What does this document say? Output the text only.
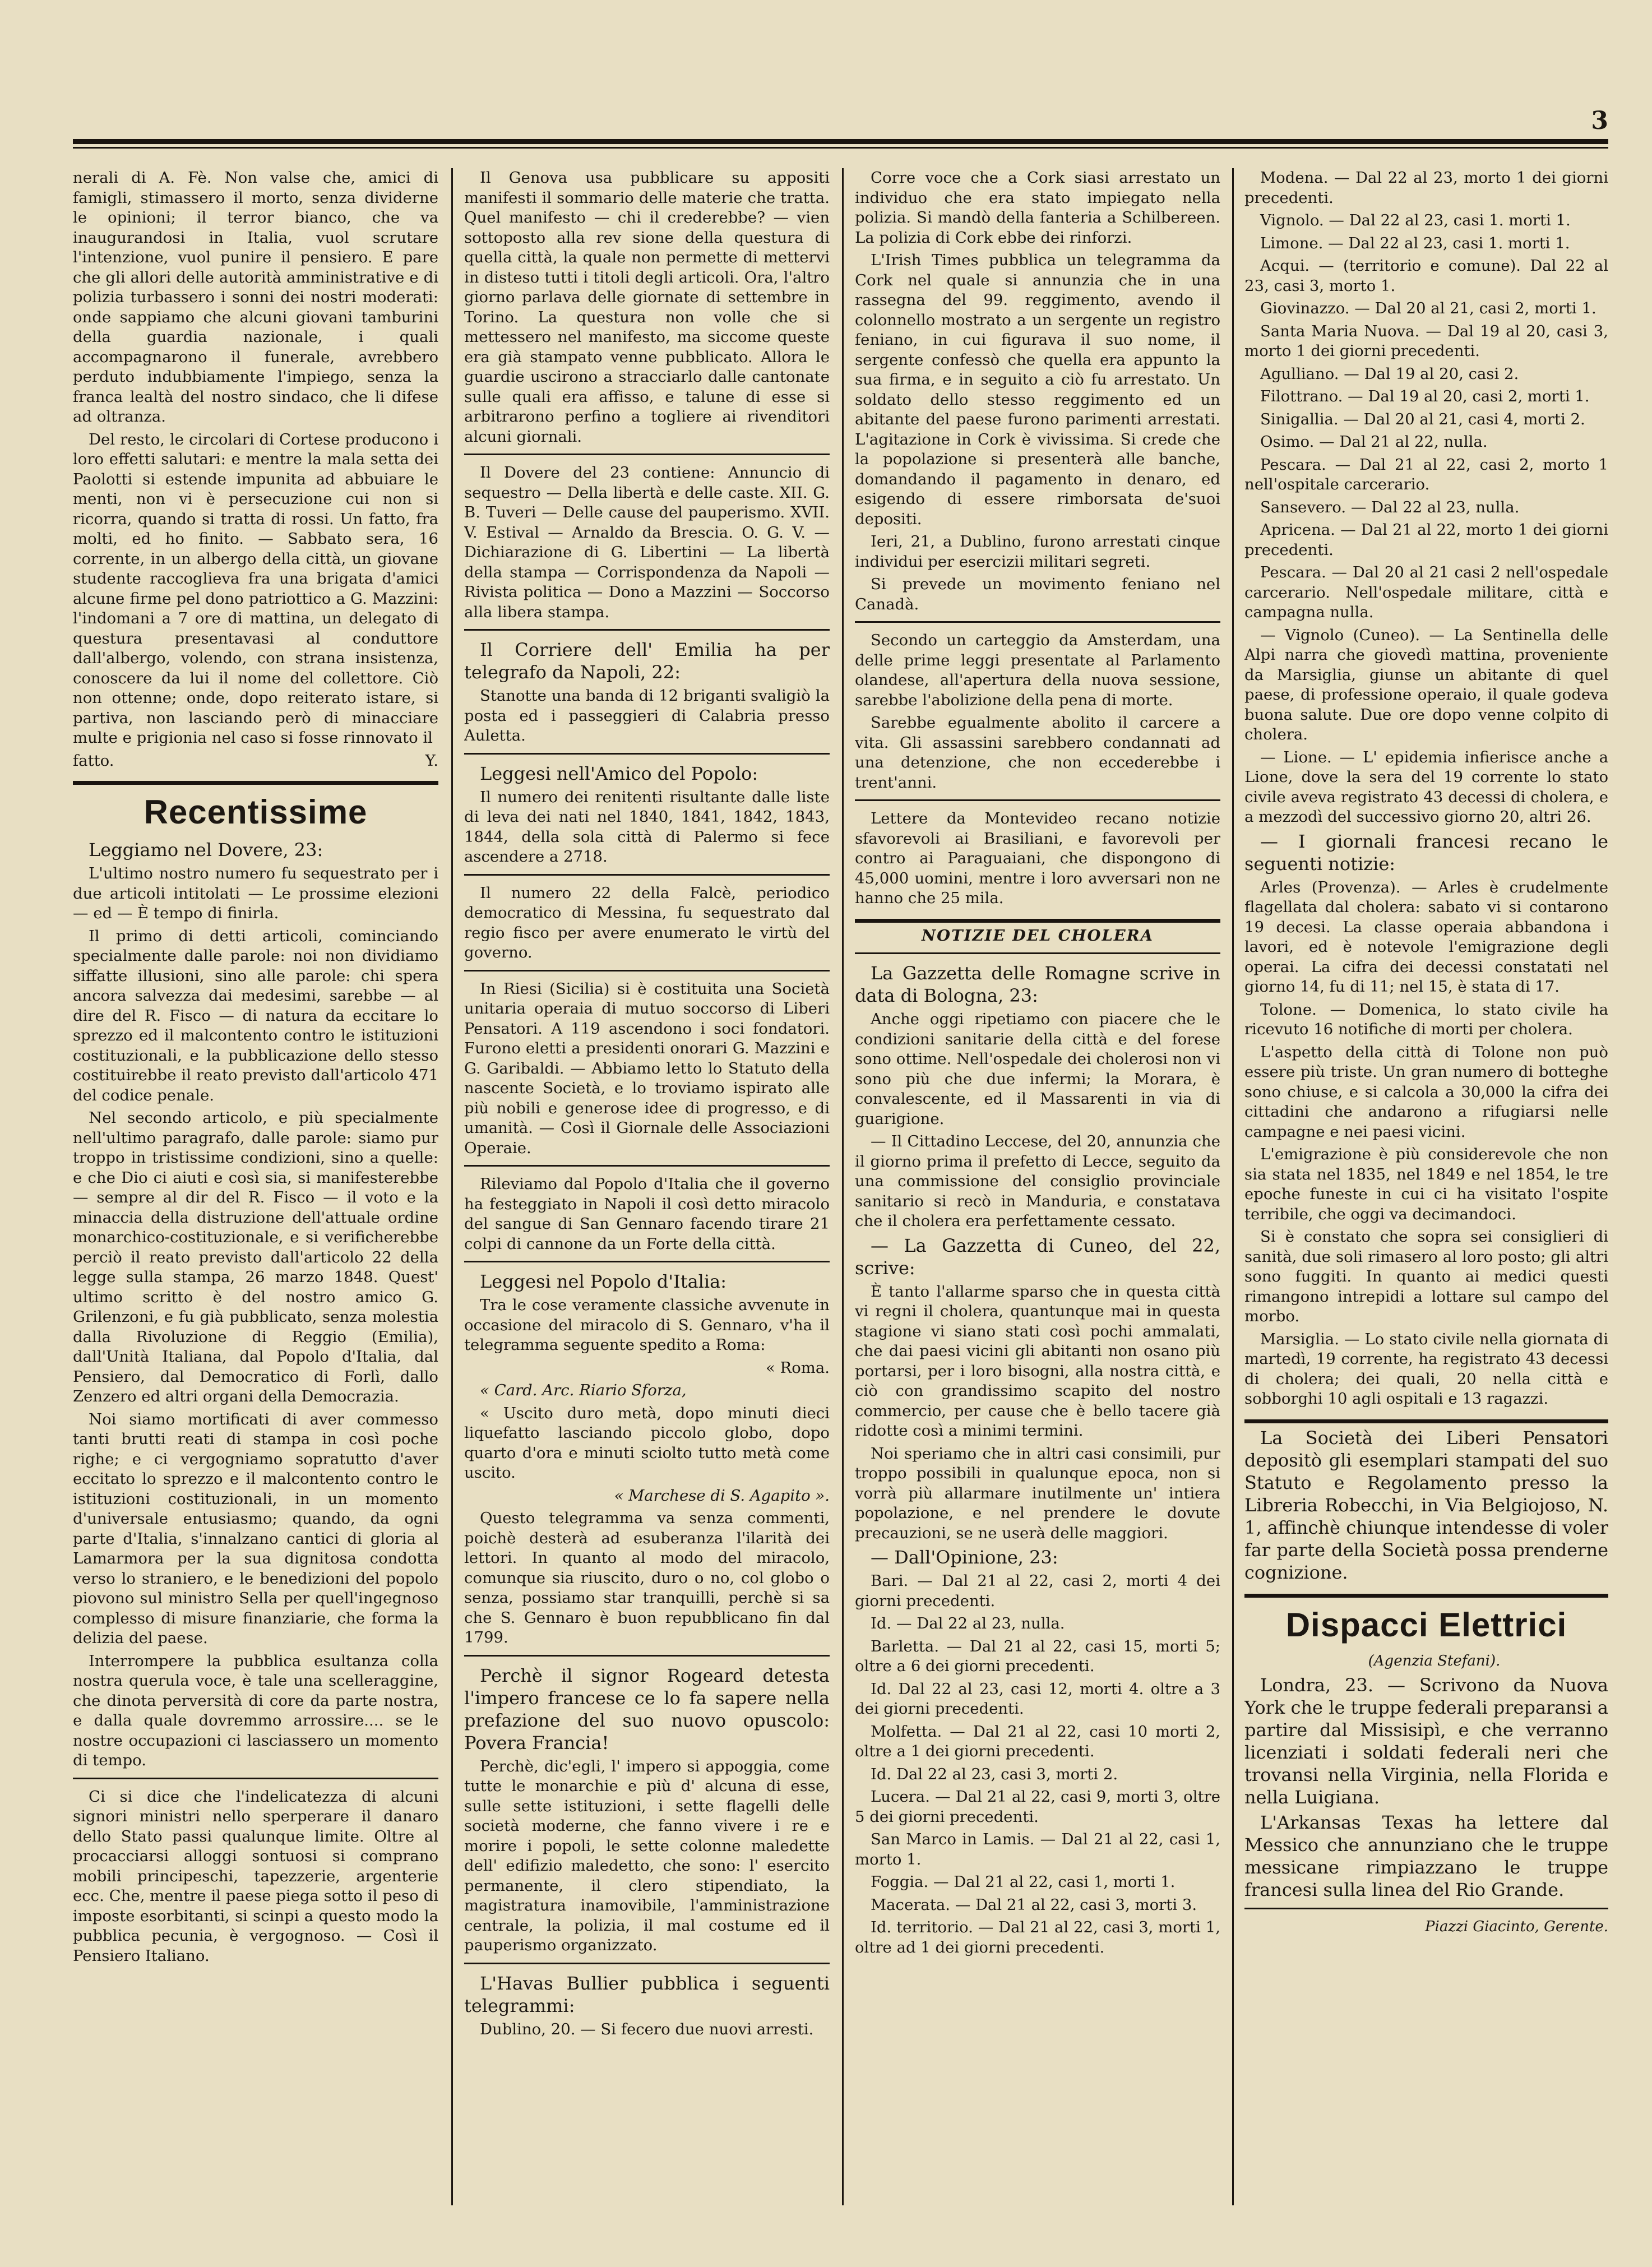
3

nerali di A. Fè. Non valse che, amici di famigli, stimassero il morto, senza dividerne le opinioni; il terror bianco, che va inaugurandosi in Italia, vuol scrutare l'intenzione, vuol punire il pensiero. E pare che gli allori delle autorità amministrative e di polizia turbassero i sonni dei nostri moderati: onde sappiamo che alcuni giovani tamburini della guardia nazionale, i quali accompagnarono il funerale, avrebbero perduto indubbiamente l'impiego, senza la franca lealtà del nostro sindaco, che li difese ad oltranza.

Del resto, le circolari di Cortese producono i loro effetti salutari: e mentre la mala setta dei Paolotti si estende impunita ad abbuiare le menti, non vi è persecuzione cui non si ricorra, quando si tratta di rossi. Un fatto, fra molti, ed ho finito. — Sabbato sera, 16 corrente, in un albergo della città, un giovane studente raccoglieva fra una brigata d'amici alcune firme pel dono patriottico a G. Mazzini: l'indomani a 7 ore di mattina, un delegato di questura presentavasi al conduttore dall'albergo, volendo, con strana insistenza, conoscere da lui il nome del collettore. Ciò non ottenne; onde, dopo reiterato istare, si partiva, non lasciando però di minacciare multe e prigionia nel caso si fosse rinnovato il

fatto.	Y.
Recentissime

Leggiamo nel Dovere, 23:

L'ultimo nostro numero fu sequestrato per i due articoli intitolati — Le prossime elezioni — ed — È tempo di finirla.

Il primo di detti articoli, cominciando specialmente dalle parole: noi non dividiamo siffatte illusioni, sino alle parole: chi spera ancora salvezza dai medesimi, sarebbe — al dire del R. Fisco — di natura da eccitare lo sprezzo ed il malcontento contro le istituzioni costituzionali, e la pubblicazione dello stesso costituirebbe il reato previsto dall'articolo 471 del codice penale.

Nel secondo articolo, e più specialmente nell'ultimo paragrafo, dalle parole: siamo pur troppo in tristissime condizioni, sino a quelle: e che Dio ci aiuti e così sia, si manifesterebbe — sempre al dir del R. Fisco — il voto e la minaccia della distruzione dell'attuale ordine monarchico-costituzionale, e si verificherebbe perciò il reato previsto dall'articolo 22 della legge sulla stampa, 26 marzo 1848. Quest' ultimo scritto è del nostro amico G. Grilenzoni, e fu già pubblicato, senza molestia dalla Rivoluzione di Reggio (Emilia), dall'Unità Italiana, dal Popolo d'Italia, dal Pensiero, dal Democratico di Forlì, dallo Zenzero ed altri organi della Democrazia.

Noi siamo mortificati di aver commesso tanti brutti reati di stampa in così poche righe; e ci vergogniamo sopratutto d'aver eccitato lo sprezzo e il malcontento contro le istituzioni costituzionali, in un momento d'universale entusiasmo; quando, da ogni parte d'Italia, s'innalzano cantici di gloria al Lamarmora per la sua dignitosa condotta verso lo straniero, e le benedizioni del popolo piovono sul ministro Sella per quell'ingegnoso complesso di misure finanziarie, che forma la delizia del paese.

Interrompere la pubblica esultanza colla nostra querula voce, è tale una scelleraggine, che dinota perversità di core da parte nostra, e dalla quale dovremmo arrossire.... se le nostre occupazioni ci lasciassero un momento di tempo.

Ci si dice che l'indelicatezza di alcuni signori ministri nello sperperare il danaro dello Stato passi qualunque limite. Oltre al procacciarsi alloggi sontuosi si comprano mobili principeschi, tapezzerie, argenterie ecc. Che, mentre il paese piega sotto il peso di imposte esorbitanti, si scinpi a questo modo la pubblica pecunia, è vergognoso. — Così il Pensiero Italiano.

Il Genova usa pubblicare su appositi manifesti il sommario delle materie che tratta. Quel manifesto — chi il crederebbe? — vien sottoposto alla rev sione della questura di quella città, la quale non permette di mettervi in disteso tutti i titoli degli articoli. Ora, l'altro giorno parlava delle giornate di settembre in Torino. La questura non volle che si mettessero nel manifesto, ma siccome queste era già stampato venne pubblicato. Allora le guardie uscirono a stracciarlo dalle cantonate sulle quali era affisso, e talune di esse si arbitrarono perfino a togliere ai rivenditori alcuni giornali.

Il Dovere del 23 contiene: Annuncio di sequestro — Della libertà e delle caste. XII. G. B. Tuveri — Delle cause del pauperismo. XVII. V. Estival — Arnaldo da Brescia. O. G. V. — Dichiarazione di G. Libertini — La libertà della stampa — Corrispondenza da Napoli — Rivista politica — Dono a Mazzini — Soccorso alla libera stampa.

Il Corriere dell' Emilia ha per telegrafo da Napoli, 22:

Stanotte una banda di 12 briganti svaligiò la posta ed i passeggieri di Calabria presso Auletta.

Leggesi nell'Amico del Popolo:

Il numero dei renitenti risultante dalle liste di leva dei nati nel 1840, 1841, 1842, 1843, 1844, della sola città di Palermo si fece ascendere a 2718.

Il numero 22 della Falcè, periodico democratico di Messina, fu sequestrato dal regio fisco per avere enumerato le virtù del governo.

In Riesi (Sicilia) si è costituita una Società unitaria operaia di mutuo soccorso di Liberi Pensatori. A 119 ascendono i soci fondatori. Furono eletti a presidenti onorari G. Mazzini e G. Garibaldi. — Abbiamo letto lo Statuto della nascente Società, e lo troviamo ispirato alle più nobili e generose idee di progresso, e di umanità. — Così il Giornale delle Associazioni Operaie.

Rileviamo dal Popolo d'Italia che il governo ha festeggiato in Napoli il così detto miracolo del sangue di San Gennaro facendo tirare 21 colpi di cannone da un Forte della città.

Leggesi nel Popolo d'Italia:

Tra le cose veramente classiche avvenute in occasione del miracolo di S. Gennaro, v'ha il telegramma seguente spedito a Roma:

« Roma.

« Card. Arc. Riario Sforza,

« Uscito duro metà, dopo minuti dieci liquefatto lasciando piccolo globo, dopo quarto d'ora e minuti sciolto tutto metà come uscito.

« Marchese di S. Agapito ».

Questo telegramma va senza commenti, poichè desterà ad esuberanza l'ilarità dei lettori. In quanto al modo del miracolo, comunque sia riuscito, duro o no, col globo o senza, possiamo star tranquilli, perchè si sa che S. Gennaro è buon repubblicano fin dal 1799.

Perchè il signor Rogeard detesta l'impero francese ce lo fa sapere nella prefazione del suo nuovo opuscolo: Povera Francia!

Perchè, dic'egli, l' impero si appoggia, come tutte le monarchie e più d' alcuna di esse, sulle sette istituzioni, i sette flagelli delle società moderne, che fanno vivere i re e morire i popoli, le sette colonne maledette dell' edifizio maledetto, che sono: l' esercito permanente, il clero stipendiato, la magistratura inamovibile, l'amministrazione centrale, la polizia, il mal costume ed il pauperismo organizzato.

L'Havas Bullier pubblica i seguenti telegrammi:

Dublino, 20. — Si fecero due nuovi arresti.

Corre voce che a Cork siasi arrestato un individuo che era stato impiegato nella polizia. Si mandò della fanteria a Schilbereen. La polizia di Cork ebbe dei rinforzi.

L'Irish Times pubblica un telegramma da Cork nel quale si annunzia che in una rassegna del 99. reggimento, avendo il colonnello mostrato a un sergente un registro feniano, in cui figurava il suo nome, il sergente confessò che quella era appunto la sua firma, e in seguito a ciò fu arrestato. Un soldato dello stesso reggimento ed un abitante del paese furono parimenti arrestati. L'agitazione in Cork è vivissima. Si crede che la popolazione si presenterà alle banche, domandando il pagamento in denaro, ed esigendo di essere rimborsata de'suoi depositi.

Ieri, 21, a Dublino, furono arrestati cinque individui per esercizii militari segreti.

Si prevede un movimento feniano nel Canadà.

Secondo un carteggio da Amsterdam, una delle prime leggi presentate al Parlamento olandese, all'apertura della nuova sessione, sarebbe l'abolizione della pena di morte.

Sarebbe egualmente abolito il carcere a vita. Gli assassini sarebbero condannati ad una detenzione, che non eccederebbe i trent'anni.

Lettere da Montevideo recano notizie sfavorevoli ai Brasiliani, e favorevoli per contro ai Paraguaiani, che dispongono di 45,000 uomini, mentre i loro avversari non ne hanno che 25 mila.

NOTIZIE DEL CHOLERA

La Gazzetta delle Romagne scrive in data di Bologna, 23:

Anche oggi ripetiamo con piacere che le condizioni sanitarie della città e del forese sono ottime. Nell'ospedale dei cholerosi non vi sono più che due infermi; la Morara, è convalescente, ed il Massarenti in via di guarigione.

— Il Cittadino Leccese, del 20, annunzia che il giorno prima il prefetto di Lecce, seguito da una commissione del consiglio provinciale sanitario si recò in Manduria, e constatava che il cholera era perfettamente cessato.

— La Gazzetta di Cuneo, del 22, scrive:

È tanto l'allarme sparso che in questa città vi regni il cholera, quantunque mai in questa stagione vi siano stati così pochi ammalati, che dai paesi vicini gli abitanti non osano più portarsi, per i loro bisogni, alla nostra città, e ciò con grandissimo scapito del nostro commercio, per cause che è bello tacere già ridotte così a minimi termini.

Noi speriamo che in altri casi consimili, pur troppo possibili in qualunque epoca, non si vorrà più allarmare inutilmente un' intiera popolazione, e nel prendere le dovute precauzioni, se ne userà delle maggiori.

— Dall'Opinione, 23:

Bari. — Dal 21 al 22, casi 2, morti 4 dei giorni precedenti.

Id. — Dal 22 al 23, nulla.

Barletta. — Dal 21 al 22, casi 15, morti 5; oltre a 6 dei giorni precedenti.

Id. Dal 22 al 23, casi 12, morti 4. oltre a 3 dei giorni precedenti.

Molfetta. — Dal 21 al 22, casi 10 morti 2, oltre a 1 dei giorni precedenti.

Id. Dal 22 al 23, casi 3, morti 2.

Lucera. — Dal 21 al 22, casi 9, morti 3, oltre 5 dei giorni precedenti.

San Marco in Lamis. — Dal 21 al 22, casi 1, morto 1.

Foggia. — Dal 21 al 22, casi 1, morti 1.

Macerata. — Dal 21 al 22, casi 3, morti 3.

Id. territorio. — Dal 21 al 22, casi 3, morti 1, oltre ad 1 dei giorni precedenti.

Modena. — Dal 22 al 23, morto 1 dei giorni precedenti.

Vignolo. — Dal 22 al 23, casi 1. morti 1.

Limone. — Dal 22 al 23, casi 1. morti 1.

Acqui. — (territorio e comune). Dal 22 al 23, casi 3, morto 1.

Giovinazzo. — Dal 20 al 21, casi 2, morti 1.

Santa Maria Nuova. — Dal 19 al 20, casi 3, morto 1 dei giorni precedenti.

Agulliano. — Dal 19 al 20, casi 2.

Filottrano. — Dal 19 al 20, casi 2, morti 1.

Sinigallia. — Dal 20 al 21, casi 4, morti 2.

Osimo. — Dal 21 al 22, nulla.

Pescara. — Dal 21 al 22, casi 2, morto 1 nell'ospitale carcerario.

Sansevero. — Dal 22 al 23, nulla.

Apricena. — Dal 21 al 22, morto 1 dei giorni precedenti.

Pescara. — Dal 20 al 21 casi 2 nell'ospedale carcerario. Nell'ospedale militare, città e campagna nulla.

— Vignolo (Cuneo). — La Sentinella delle Alpi narra che giovedì mattina, proveniente da Marsiglia, giunse un abitante di quel paese, di professione operaio, il quale godeva buona salute. Due ore dopo venne colpito di cholera.

— Lione. — L' epidemia infierisce anche a Lione, dove la sera del 19 corrente lo stato civile aveva registrato 43 decessi di cholera, e a mezzodì del successivo giorno 20, altri 26.

— I giornali francesi recano le seguenti notizie:

Arles (Provenza). — Arles è crudelmente flagellata dal cholera: sabato vi si contarono 19 decesi. La classe operaia abbandona i lavori, ed è notevole l'emigrazione degli operai. La cifra dei decessi constatati nel giorno 14, fu di 11; nel 15, è stata di 17.

Tolone. — Domenica, lo stato civile ha ricevuto 16 notifiche di morti per cholera.

L'aspetto della città di Tolone non può essere più triste. Un gran numero di botteghe sono chiuse, e si calcola a 30,000 la cifra dei cittadini che andarono a rifugiarsi nelle campagne e nei paesi vicini.

L'emigrazione è più considerevole che non sia stata nel 1835, nel 1849 e nel 1854, le tre epoche funeste in cui ci ha visitato l'ospite terribile, che oggi va decimandoci.

Si è constato che sopra sei consiglieri di sanità, due soli rimasero al loro posto; gli altri sono fuggiti. In quanto ai medici questi rimangono intrepidi a lottare sul campo del morbo.

Marsiglia. — Lo stato civile nella giornata di martedì, 19 corrente, ha registrato 43 decessi di cholera; dei quali, 20 nella città e sobborghi 10 agli ospitali e 13 ragazzi.

La Società dei Liberi Pensatori depositò gli esemplari stampati del suo Statuto e Regolamento presso la Libreria Robecchi, in Via Belgiojoso, N. 1, affinchè chiunque intendesse di voler far parte della Società possa prenderne cognizione.

Dispacci Elettrici

(Agenzia Stefani).

Londra, 23. — Scrivono da Nuova York che le truppe federali preparansi a partire dal Missisipì, e che verranno licenziati i soldati federali neri che trovansi nella Virginia, nella Florida e nella Luigiana.

L'Arkansas Texas ha lettere dal Messico che annunziano che le truppe messicane rimpiazzano le truppe francesi sulla linea del Rio Grande.

Piazzi Giacinto, Gerente.
